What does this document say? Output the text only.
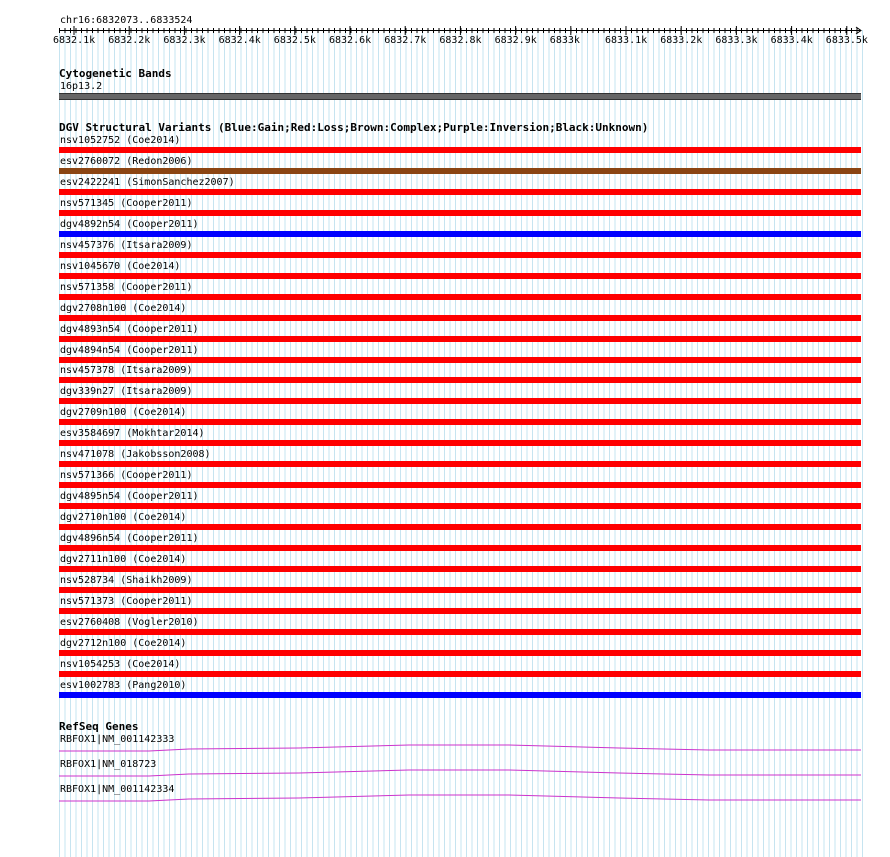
chr16:6832073..6833524
6832.1k 6832.2k 6832.3k 6832.4k 6832.5k 6832.6k 6832.7k 6832.8k 6832.9k 6833k	6833.1k 6833.2k 6833.3k 6833.4k 6833.5k
Cytogenetic Bands
16p13.2
DGV Structural Variants (Blue:Gain;Red:Loss;Brown:Complex;Purple:Inversion;Black:Unknown)
nsv1052752 (Coe2014)
esv2760072 (Redon2006)
esv2422241 (SimonSanchez2007)
nsv571345 (Cooper2011)
dgv4892n54 (Cooper2011)
nsv457376 (Itsara2009)
nsv1045670 (Coe2014)
nsv571358 (Cooper2011)
dgv2708n100 (Coe2014)
dgv4893n54 (Cooper2011)
dgv4894n54 (Cooper2011)
nsv457378 (Itsara2009)
dgv339n27 (Itsara2009)
dgv2709n100 (Coe2014)
esv3584697 (Mokhtar2014)
nsv471078 (Jakobsson2008)
nsv571366 (Cooper2011)
dgv4895n54 (Cooper2011)
dgv2710n100 (Coe2014)
dgv4896n54 (Cooper2011)
dgv2711n100 (Coe2014)
nsv528734 (Shaikh2009)
nsv571373 (Cooper2011)
esv2760408 (Vogler2010)
dgv2712n100 (Coe2014)
nsv1054253 (Coe2014)
esv1002783 (Pang2010)
RefSeq Genes
RBFOX1|NM_001142333
RBFOX1|NM_018723
RBFOX1|NM_001142334
